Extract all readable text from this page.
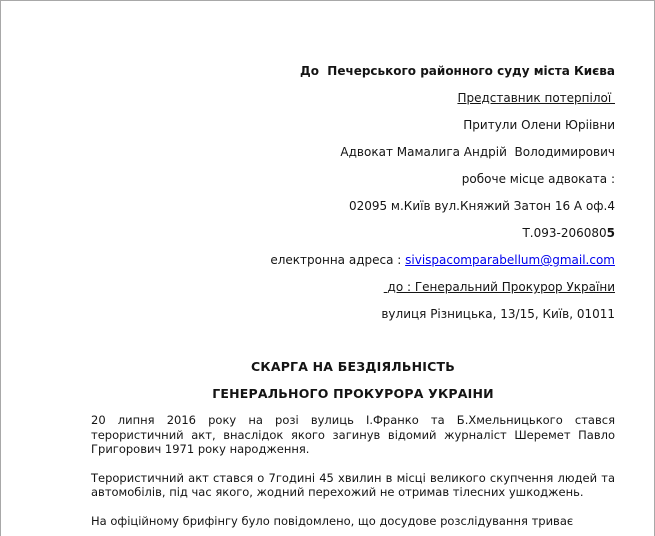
До  Печерського районного суду міста Києва
Представник потерпілої
Притули Олени Юріівни
Адвокат Мамалига Андрій  Володимирович
робоче місце адвоката :
02095 м.Київ вул.Княжий Затон 16 А оф.4
Т.093-2060805
електронна адреса : sivispacomparabellum@gmail.com
до : Генеральний Прокурор України
вулиця Різницька, 13/15, Київ, 01011
СКАРГА НА БЕЗДІЯЛЬНІСТЬ
ГЕНЕРАЛЬНОГО ПРОКУРОРА УКРАІНИ

20 липня 2016 року на розі вулиць І.Франко та Б.Хмельницького стався терористичний акт, внаслідок якого загинув відомий журналіст Шеремет Павло Григорович 1971 року народження.

Терористичний акт стався о 7годині 45 хвилин в місці великого скупчення людей та автомобілів, під час якого, жодний перехожий не отримав тілесних ушкоджень.

На офіційному брифінгу було повідомлено, що досудове розслідування триває
